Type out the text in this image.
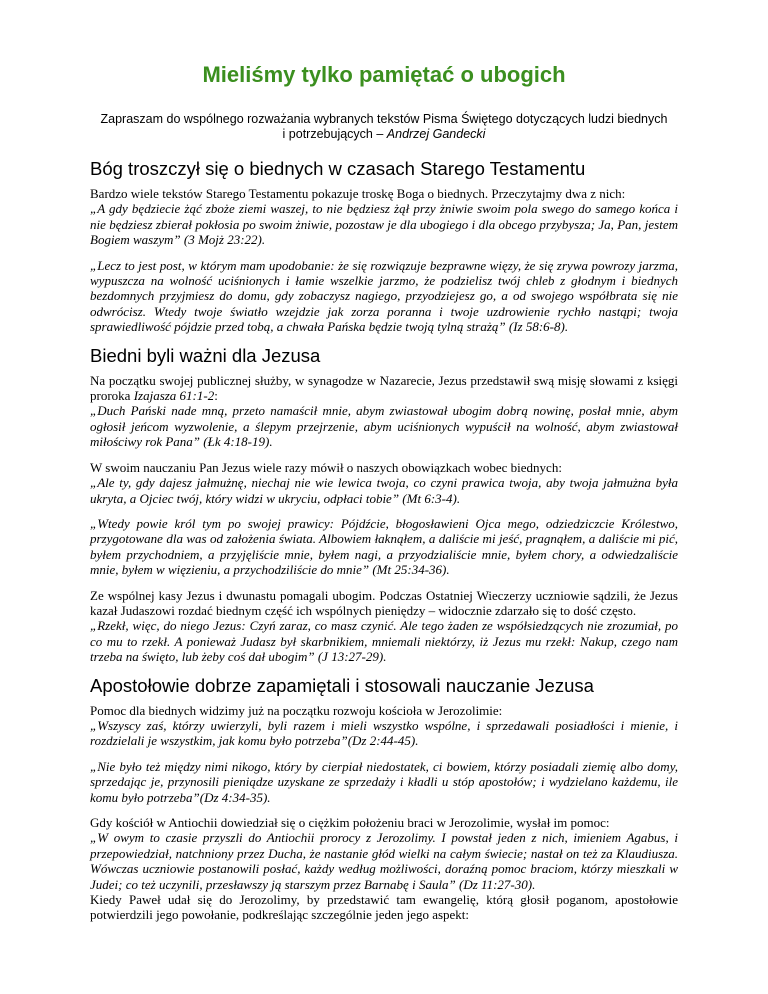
Mieliśmy tylko pamiętać o ubogich

Zapraszam do wspólnego rozważania wybranych tekstów Pisma Świętego dotyczących ludzi biednych
i potrzebujących – Andrzej Gandecki

Bóg troszczył się o biednych w czasach Starego Testamentu

Bardzo wiele tekstów Starego Testamentu pokazuje troskę Boga o biednych. Przeczytajmy dwa z nich:
„A gdy będziecie żąć zboże ziemi waszej, to nie będziesz żął przy żniwie swoim pola swego do samego końca i nie będziesz zbierał pokłosia po swoim żniwie, pozostaw je dla ubogiego i dla obcego przybysza; Ja, Pan, jestem Bogiem waszym” (3 Mojż 23:22).

„Lecz to jest post, w którym mam upodobanie: że się rozwiązuje bezprawne więzy, że się zrywa powrozy jarzma, wypuszcza na wolność uciśnionych i łamie wszelkie jarzmo, że podzielisz twój chleb z głodnym i biednych bezdomnych przyjmiesz do domu, gdy zobaczysz nagiego, przyodziejesz go, a od swojego współbrata się nie odwrócisz. Wtedy twoje światło wzejdzie jak zorza poranna i twoje uzdrowienie rychło nastąpi; twoja sprawiedliwość pójdzie przed tobą, a chwała Pańska będzie twoją tylną strażą” (Iz 58:6-8).

Biedni byli ważni dla Jezusa

Na początku swojej publicznej służby, w synagodze w Nazarecie, Jezus przedstawił swą misję słowami z księgi proroka Izajasza 61:1-2:
„Duch Pański nade mną, przeto namaścił mnie, abym zwiastował ubogim dobrą nowinę, posłał mnie, abym ogłosił jeńcom wyzwolenie, a ślepym przejrzenie, abym uciśnionych wypuścił na wolność, abym zwiastował miłościwy rok Pana” (Łk 4:18-19).

W swoim nauczaniu Pan Jezus wiele razy mówił o naszych obowiązkach wobec biednych:
„Ale ty, gdy dajesz jałmużnę, niechaj nie wie lewica twoja, co czyni prawica twoja, aby twoja jałmużna była ukryta, a Ojciec twój, który widzi w ukryciu, odpłaci tobie” (Mt 6:3-4).

„Wtedy powie król tym po swojej prawicy: Pójdźcie, błogosławieni Ojca mego, odziedziczcie Królestwo, przygotowane dla was od założenia świata. Albowiem łaknąłem, a daliście mi jeść, pragnąłem, a daliście mi pić, byłem przychodniem, a przyjęliście mnie, byłem nagi, a przyodzialiście mnie, byłem chory, a odwiedzaliście mnie, byłem w więzieniu, a przychodziliście do mnie” (Mt 25:34-36).

Ze wspólnej kasy Jezus i dwunastu pomagali ubogim. Podczas Ostatniej Wieczerzy uczniowie sądzili, że Jezus kazał Judaszowi rozdać biednym część ich wspólnych pieniędzy – widocznie zdarzało się to dość często.
„Rzekł, więc, do niego Jezus: Czyń zaraz, co masz czynić. Ale tego żaden ze współsiedzących nie zrozumiał, po co mu to rzekł. A ponieważ Judasz był skarbnikiem, mniemali niektórzy, iż Jezus mu rzekł: Nakup, czego nam trzeba na święto, lub żeby coś dał ubogim” (J 13:27-29).

Apostołowie dobrze zapamiętali i stosowali nauczanie Jezusa

Pomoc dla biednych widzimy już na początku rozwoju kościoła w Jerozolimie:
„Wszyscy zaś, którzy uwierzyli, byli razem i mieli wszystko wspólne, i sprzedawali posiadłości i mienie, i rozdzielali je wszystkim, jak komu było potrzeba”(Dz 2:44-45).

„Nie było też między nimi nikogo, który by cierpiał niedostatek, ci bowiem, którzy posiadali ziemię albo domy, sprzedając je, przynosili pieniądze uzyskane ze sprzedaży i kładli u stóp apostołów; i wydzielano każdemu, ile komu było potrzeba”(Dz 4:34-35).

Gdy kościół w Antiochii dowiedział się o ciężkim położeniu braci w Jerozolimie, wysłał im pomoc:
„W owym to czasie przyszli do Antiochii prorocy z Jerozolimy. I powstał jeden z nich, imieniem Agabus, i przepowiedział, natchniony przez Ducha, że nastanie głód wielki na całym świecie; nastał on też za Klaudiusza. Wówczas uczniowie postanowili posłać, każdy według możliwości, doraźną pomoc braciom, którzy mieszkali w Judei; co też uczynili, przesławszy ją starszym przez Barnabę i Saula” (Dz 11:27-30).
Kiedy Paweł udał się do Jerozolimy, by przedstawić tam ewangelię, którą głosił poganom, apostołowie potwierdzili jego powołanie, podkreślając szczególnie jeden jego aspekt:
